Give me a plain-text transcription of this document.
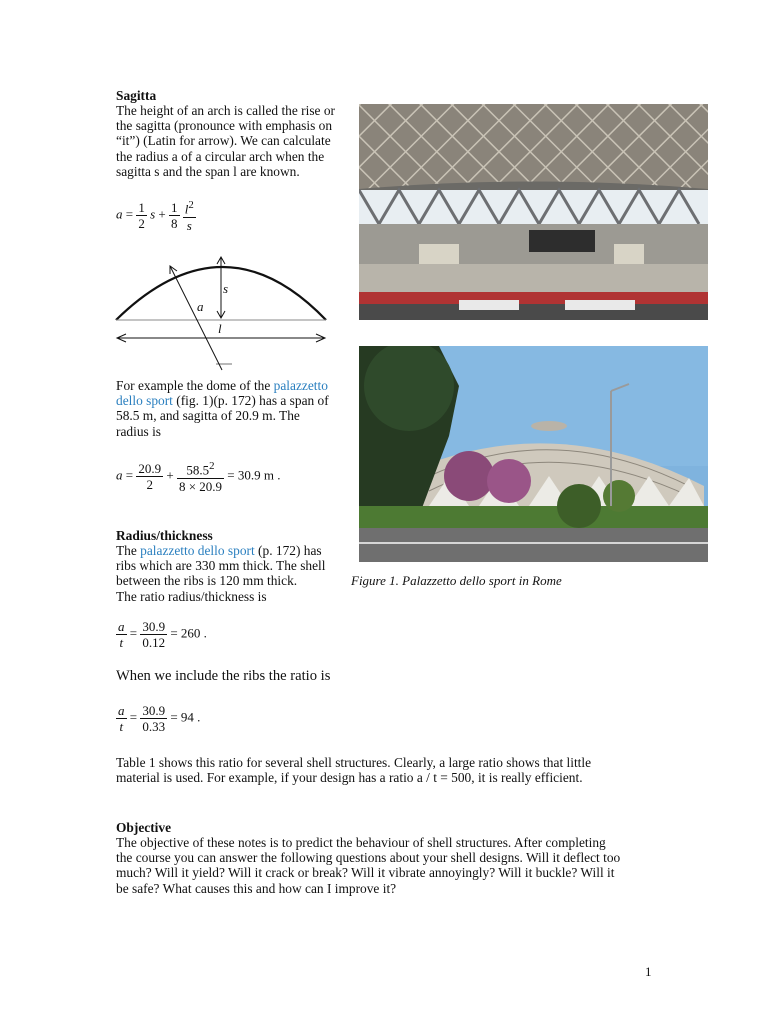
Sagitta

The height of an arch is called the rise or

the sagitta (pronounce with emphasis on

“it”) (Latin for arrow). We can calculate

the radius a of a circular arch when the

sagitta s and the span l are known.

$a = \frac{1}{2}$ $s + \frac{1}{8}$
$\frac{l^2}{s}$
s
a
l

For example the dome of the palazzetto

dello sport (fig. 1)(p. 172) has a span of

58.5 m, and sagitta of 20.9 m. The

radius is

$a = \frac{20.9}{2} + \frac{58.5^2}{8 \times 20.9} = 30.9$ m .
Radius/thickness

The palazzetto dello sport (p. 172) has

ribs which are 330 mm thick. The shell

between the ribs is 120 mm thick.

The ratio radius/thickness is

$\frac{a}{t} = \frac{30.9}{0.12} = 260$ .
When we include the ribs the ratio is
$\frac{a}{t} = \frac{30.9}{0.33} = 94$ .

Table 1 shows this ratio for several shell structures. Clearly, a large ratio shows that little

material is used. For example, if your design has a ratio a / t = 500, it is really efficient.

Objective

The objective of these notes is to predict the behaviour of shell structures. After completing

the course you can answer the following questions about your shell designs. Will it deflect too

much? Will it yield? Will it crack or break? Will it vibrate annoyingly? Will it buckle? Will it

be safe? What causes this and how can I improve it?

Figure 1. Palazzetto dello sport in Rome
1
